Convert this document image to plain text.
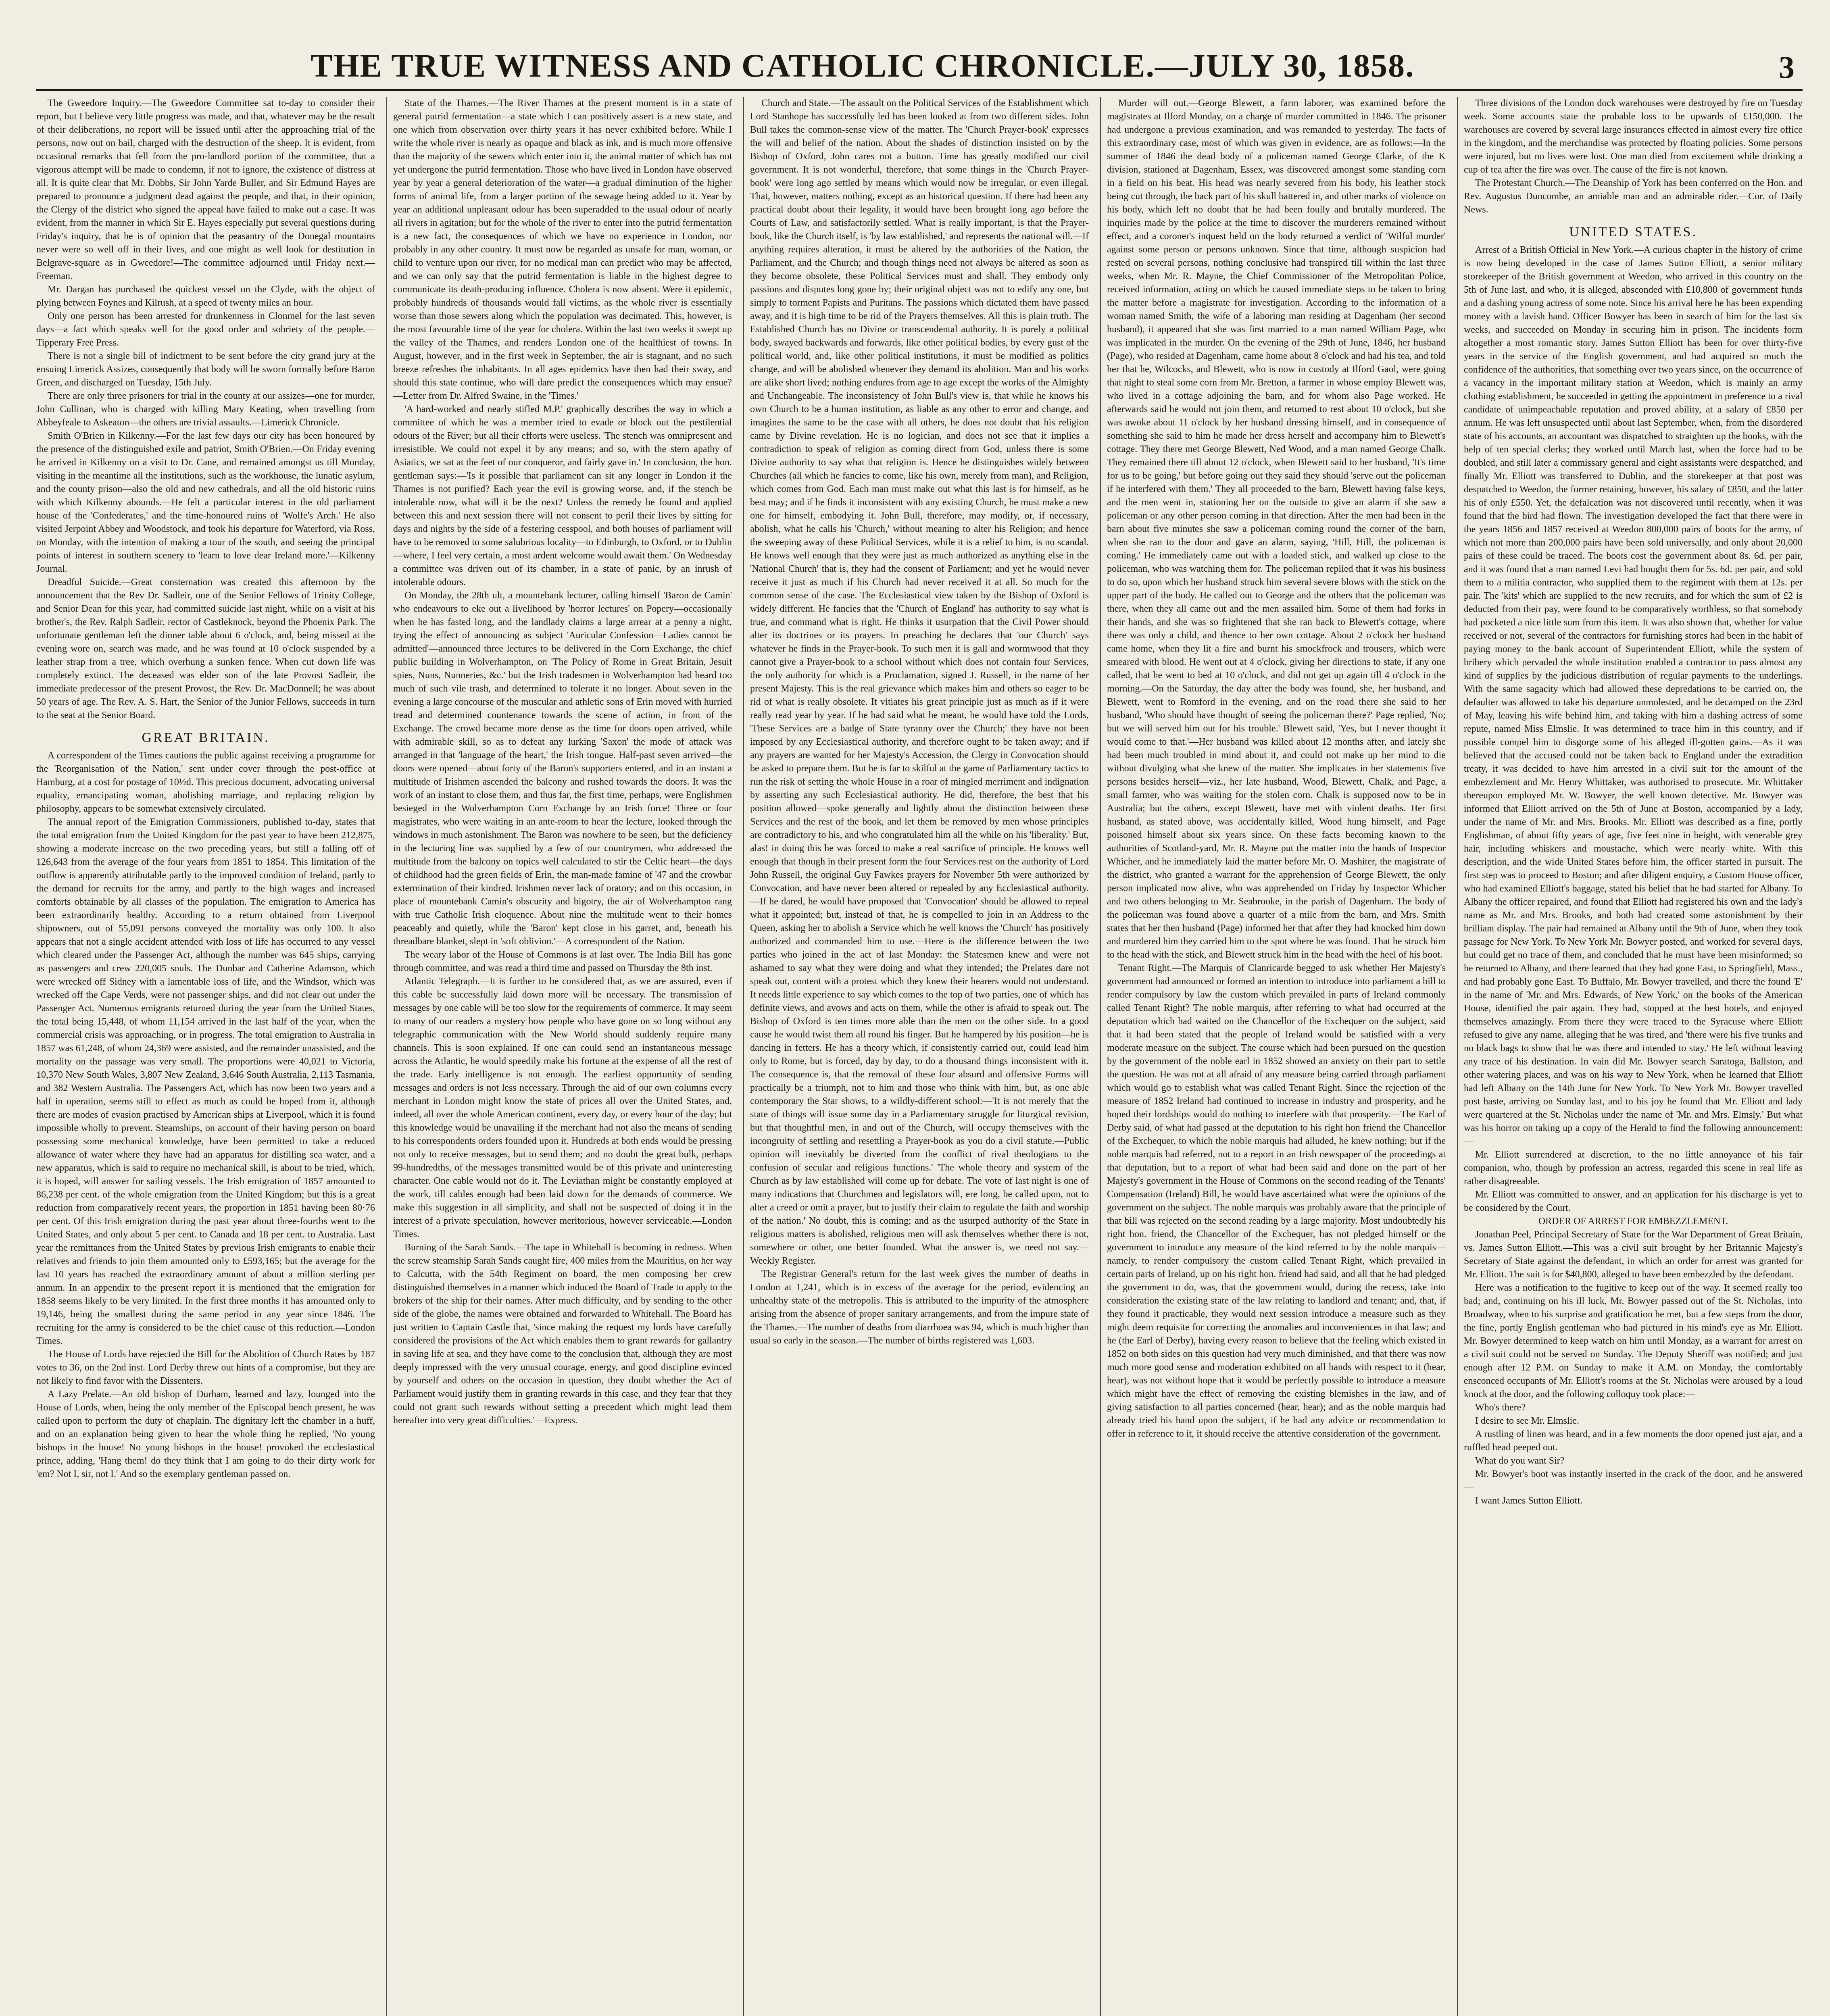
THE TRUE WITNESS AND CATHOLIC CHRONICLE.—JULY 30, 1858.	3

The Gweedore Inquiry.—The Gweedore Committee sat to-day to consider their report, but I believe very little progress was made, and that, whatever may be the result of their deliberations, no report will be issued until after the approaching trial of the persons, now out on bail, charged with the destruction of the sheep. It is evident, from occasional remarks that fell from the pro-landlord portion of the committee, that a vigorous attempt will be made to condemn, if not to ignore, the existence of distress at all. It is quite clear that Mr. Dobbs, Sir John Yarde Buller, and Sir Edmund Hayes are prepared to pronounce a judgment dead against the people, and that, in their opinion, the Clergy of the district who signed the appeal have failed to make out a case. It was evident, from the manner in which Sir E. Hayes especially put several questions during Friday's inquiry, that he is of opinion that the peasantry of the Donegal mountains never were so well off in their lives, and one might as well look for destitution in Belgrave-square as in Gweedore!—The committee adjourned until Friday next.—Freeman.

Mr. Dargan has purchased the quickest vessel on the Clyde, with the object of plying between Foynes and Kilrush, at a speed of twenty miles an hour.

Only one person has been arrested for drunkenness in Clonmel for the last seven days—a fact which speaks well for the good order and sobriety of the people.—Tipperary Free Press.

There is not a single bill of indictment to be sent before the city grand jury at the ensuing Limerick Assizes, consequently that body will be sworn formally before Baron Green, and discharged on Tuesday, 15th July.

There are only three prisoners for trial in the county at our assizes—one for murder, John Cullinan, who is charged with killing Mary Keating, when travelling from Abbeyfeale to Askeaton—the others are trivial assaults.—Limerick Chronicle.

Smith O'Brien in Kilkenny.—For the last few days our city has been honoured by the presence of the distinguished exile and patriot, Smith O'Brien.—On Friday evening he arrived in Kilkenny on a visit to Dr. Cane, and remained amongst us till Monday, visiting in the meantime all the institutions, such as the workhouse, the lunatic asylum, and the county prison—also the old and new cathedrals, and all the old historic ruins with which Kilkenny abounds.—He felt a particular interest in the old parliament house of the 'Confederates,' and the time-honoured ruins of 'Wolfe's Arch.' He also visited Jerpoint Abbey and Woodstock, and took his departure for Waterford, via Ross, on Monday, with the intention of making a tour of the south, and seeing the principal points of interest in southern scenery to 'learn to love dear Ireland more.'—Kilkenny Journal.

Dreadful Suicide.—Great consternation was created this afternoon by the announcement that the Rev Dr. Sadleir, one of the Senior Fellows of Trinity College, and Senior Dean for this year, had committed suicide last night, while on a visit at his brother's, the Rev. Ralph Sadleir, rector of Castleknock, beyond the Phoenix Park. The unfortunate gentleman left the dinner table about 6 o'clock, and, being missed at the evening wore on, search was made, and he was found at 10 o'clock suspended by a leather strap from a tree, which overhung a sunken fence. When cut down life was completely extinct. The deceased was elder son of the late Provost Sadleir, the immediate predecessor of the present Provost, the Rev. Dr. MacDonnell; he was about 50 years of age. The Rev. A. S. Hart, the Senior of the Junior Fellows, succeeds in turn to the seat at the Senior Board.

GREAT BRITAIN.

A correspondent of the Times cautions the public against receiving a programme for the 'Reorganisation of the Nation,' sent under cover through the post-office at Hamburg, at a cost for postage of 10½d. This precious document, advocating universal equality, emancipating woman, abolishing marriage, and replacing religion by philosophy, appears to be somewhat extensively circulated.

The annual report of the Emigration Commissioners, published to-day, states that the total emigration from the United Kingdom for the past year to have been 212,875, showing a moderate increase on the two preceding years, but still a falling off of 126,643 from the average of the four years from 1851 to 1854. This limitation of the outflow is apparently attributable partly to the improved condition of Ireland, partly to the demand for recruits for the army, and partly to the high wages and increased comforts obtainable by all classes of the population. The emigration to America has been extraordinarily healthy. According to a return obtained from Liverpool shipowners, out of 55,091 persons conveyed the mortality was only 100. It also appears that not a single accident attended with loss of life has occurred to any vessel which cleared under the Passenger Act, although the number was 645 ships, carrying as passengers and crew 220,005 souls. The Dunbar and Catherine Adamson, which were wrecked off Sidney with a lamentable loss of life, and the Windsor, which was wrecked off the Cape Verds, were not passenger ships, and did not clear out under the Passenger Act. Numerous emigrants returned during the year from the United States, the total being 15,448, of whom 11,154 arrived in the last half of the year, when the commercial crisis was approaching, or in progress. The total emigration to Australia in 1857 was 61,248, of whom 24,369 were assisted, and the remainder unassisted, and the mortality on the passage was very small. The proportions were 40,021 to Victoria, 10,370 New South Wales, 3,807 New Zealand, 3,646 South Australia, 2,113 Tasmania, and 382 Western Australia. The Passengers Act, which has now been two years and a half in operation, seems still to effect as much as could be hoped from it, although there are modes of evasion practised by American ships at Liverpool, which it is found impossible wholly to prevent. Steamships, on account of their having person on board possessing some mechanical knowledge, have been permitted to take a reduced allowance of water where they have had an apparatus for distilling sea water, and a new apparatus, which is said to require no mechanical skill, is about to be tried, which, it is hoped, will answer for sailing vessels. The Irish emigration of 1857 amounted to 86,238 per cent. of the whole emigration from the United Kingdom; but this is a great reduction from comparatively recent years, the proportion in 1851 having been 80·76 per cent. Of this Irish emigration during the past year about three-fourths went to the United States, and only about 5 per cent. to Canada and 18 per cent. to Australia. Last year the remittances from the United States by previous Irish emigrants to enable their relatives and friends to join them amounted only to £593,165; but the average for the last 10 years has reached the extraordinary amount of about a million sterling per annum. In an appendix to the present report it is mentioned that the emigration for 1858 seems likely to be very limited. In the first three months it has amounted only to 19,146, being the smallest during the same period in any year since 1846. The recruiting for the army is considered to be the chief cause of this reduction.—London Times.

The House of Lords have rejected the Bill for the Abolition of Church Rates by 187 votes to 36, on the 2nd inst. Lord Derby threw out hints of a compromise, but they are not likely to find favor with the Dissenters.

A Lazy Prelate.—An old bishop of Durham, learned and lazy, lounged into the House of Lords, when, being the only member of the Episcopal bench present, he was called upon to perform the duty of chaplain. The dignitary left the chamber in a huff, and on an explanation being given to hear the whole thing he replied, 'No young bishops in the house! No young bishops in the house! provoked the ecclesiastical prince, adding, 'Hang them! do they think that I am going to do their dirty work for 'em? Not I, sir, not I.' And so the exemplary gentleman passed on.

State of the Thames.—The River Thames at the present moment is in a state of general putrid fermentation—a state which I can positively assert is a new state, and one which from observation over thirty years it has never exhibited before. While I write the whole river is nearly as opaque and black as ink, and is much more offensive than the majority of the sewers which enter into it, the animal matter of which has not yet undergone the putrid fermentation. Those who have lived in London have observed year by year a general deterioration of the water—a gradual diminution of the higher forms of animal life, from a larger portion of the sewage being added to it. Year by year an additional unpleasant odour has been superadded to the usual odour of nearly all rivers in agitation; but for the whole of the river to enter into the putrid fermentation is a new fact, the consequences of which we have no experience in London, nor probably in any other country. It must now be regarded as unsafe for man, woman, or child to venture upon our river, for no medical man can predict who may be affected, and we can only say that the putrid fermentation is liable in the highest degree to communicate its death-producing influence. Cholera is now absent. Were it epidemic, probably hundreds of thousands would fall victims, as the whole river is essentially worse than those sewers along which the population was decimated. This, however, is the most favourable time of the year for cholera. Within the last two weeks it swept up the valley of the Thames, and renders London one of the healthiest of towns. In August, however, and in the first week in September, the air is stagnant, and no such breeze refreshes the inhabitants. In all ages epidemics have then had their sway, and should this state continue, who will dare predict the consequences which may ensue?—Letter from Dr. Alfred Swaine, in the 'Times.'

'A hard-worked and nearly stifled M.P.' graphically describes the way in which a committee of which he was a member tried to evade or block out the pestilential odours of the River; but all their efforts were useless. 'The stench was omnipresent and irresistible. We could not expel it by any means; and so, with the stern apathy of Asiatics, we sat at the feet of our conqueror, and fairly gave in.' In conclusion, the hon. gentleman says:—'Is it possible that parliament can sit any longer in London if the Thames is not purified? Each year the evil is growing worse, and, if the stench be intolerable now, what will it be the next? Unless the remedy be found and applied between this and next session there will not consent to peril their lives by sitting for days and nights by the side of a festering cesspool, and both houses of parliament will have to be removed to some salubrious locality—to Edinburgh, to Oxford, or to Dublin—where, I feel very certain, a most ardent welcome would await them.' On Wednesday a committee was driven out of its chamber, in a state of panic, by an inrush of intolerable odours.

On Monday, the 28th ult, a mountebank lecturer, calling himself 'Baron de Camin' who endeavours to eke out a livelihood by 'horror lectures' on Popery—occasionally when he has fasted long, and the landlady claims a large arrear at a penny a night, trying the effect of announcing as subject 'Auricular Confession—Ladies cannot be admitted'—announced three lectures to be delivered in the Corn Exchange, the chief public building in Wolverhampton, on 'The Policy of Rome in Great Britain, Jesuit spies, Nuns, Nunneries, &c.' but the Irish tradesmen in Wolverhampton had heard too much of such vile trash, and determined to tolerate it no longer. About seven in the evening a large concourse of the muscular and athletic sons of Erin moved with hurried tread and determined countenance towards the scene of action, in front of the Exchange. The crowd became more dense as the time for doors open arrived, while with admirable skill, so as to defeat any lurking 'Saxon' the mode of attack was arranged in that 'language of the heart,' the Irish tongue. Half-past seven arrived—the doors were opened—about forty of the Baron's supporters entered, and in an instant a multitude of Irishmen ascended the balcony and rushed towards the doors. It was the work of an instant to close them, and thus far, the first time, perhaps, were Englishmen besieged in the Wolverhampton Corn Exchange by an Irish force! Three or four magistrates, who were waiting in an ante-room to hear the lecture, looked through the windows in much astonishment. The Baron was nowhere to be seen, but the deficiency in the lecturing line was supplied by a few of our countrymen, who addressed the multitude from the balcony on topics well calculated to stir the Celtic heart—the days of childhood had the green fields of Erin, the man-made famine of '47 and the crowbar extermination of their kindred. Irishmen never lack of oratory; and on this occasion, in place of mountebank Camin's obscurity and bigotry, the air of Wolverhampton rang with true Catholic Irish eloquence. About nine the multitude went to their homes peaceably and quietly, while the 'Baron' kept close in his garret, and, beneath his threadbare blanket, slept in 'soft oblivion.'—A correspondent of the Nation.

The weary labor of the House of Commons is at last over. The India Bill has gone through committee, and was read a third time and passed on Thursday the 8th inst.

Atlantic Telegraph.—It is further to be considered that, as we are assured, even if this cable be successfully laid down more will be necessary. The transmission of messages by one cable will be too slow for the requirements of commerce. It may seem to many of our readers a mystery how people who have gone on so long without any telegraphic communication with the New World should suddenly require many channels. This is soon explained. If one can could send an instantaneous message across the Atlantic, he would speedily make his fortune at the expense of all the rest of the trade. Early intelligence is not enough. The earliest opportunity of sending messages and orders is not less necessary. Through the aid of our own columns every merchant in London might know the state of prices all over the United States, and, indeed, all over the whole American continent, every day, or every hour of the day; but this knowledge would be unavailing if the merchant had not also the means of sending to his correspondents orders founded upon it. Hundreds at both ends would be pressing not only to receive messages, but to send them; and no doubt the great bulk, perhaps 99-hundredths, of the messages transmitted would be of this private and uninteresting character. One cable would not do it. The Leviathan might be constantly employed at the work, till cables enough had been laid down for the demands of commerce. We make this suggestion in all simplicity, and shall not be suspected of doing it in the interest of a private speculation, however meritorious, however serviceable.—London Times.

Burning of the Sarah Sands.—The tape in Whitehall is becoming in redness. When the screw steamship Sarah Sands caught fire, 400 miles from the Mauritius, on her way to Calcutta, with the 54th Regiment on board, the men composing her crew distinguished themselves in a manner which induced the Board of Trade to apply to the brokers of the ship for their names. After much difficulty, and by sending to the other side of the globe, the names were obtained and forwarded to Whitehall. The Board has just written to Captain Castle that, 'since making the request my lords have carefully considered the provisions of the Act which enables them to grant rewards for gallantry in saving life at sea, and they have come to the conclusion that, although they are most deeply impressed with the very unusual courage, energy, and good discipline evinced by yourself and others on the occasion in question, they doubt whether the Act of Parliament would justify them in granting rewards in this case, and they fear that they could not grant such rewards without setting a precedent which might lead them hereafter into very great difficulties.'—Express.

Church and State.—The assault on the Political Services of the Establishment which Lord Stanhope has successfully led has been looked at from two different sides. John Bull takes the common-sense view of the matter. The 'Church Prayer-book' expresses the will and belief of the nation. About the shades of distinction insisted on by the Bishop of Oxford, John cares not a button. Time has greatly modified our civil government. It is not wonderful, therefore, that some things in the 'Church Prayer-book' were long ago settled by means which would now be irregular, or even illegal. That, however, matters nothing, except as an historical question. If there had been any practical doubt about their legality, it would have been brought long ago before the Courts of Law, and satisfactorily settled. What is really important, is that the Prayer-book, like the Church itself, is 'by law established,' and represents the national will.—If anything requires alteration, it must be altered by the authorities of the Nation, the Parliament, and the Church; and though things need not always be altered as soon as they become obsolete, these Political Services must and shall. They embody only passions and disputes long gone by; their original object was not to edify any one, but simply to torment Papists and Puritans. The passions which dictated them have passed away, and it is high time to be rid of the Prayers themselves. All this is plain truth. The Established Church has no Divine or transcendental authority. It is purely a political body, swayed backwards and forwards, like other political bodies, by every gust of the political world, and, like other political institutions, it must be modified as politics change, and will be abolished whenever they demand its abolition. Man and his works are alike short lived; nothing endures from age to age except the works of the Almighty and Unchangeable. The inconsistency of John Bull's view is, that while he knows his own Church to be a human institution, as liable as any other to error and change, and imagines the same to be the case with all others, he does not doubt that his religion came by Divine revelation. He is no logician, and does not see that it implies a contradiction to speak of religion as coming direct from God, unless there is some Divine authority to say what that religion is. Hence he distinguishes widely between Churches (all which he fancies to come, like his own, merely from man), and Religion, which comes from God. Each man must make out what this last is for himself, as he best may; and if he finds it inconsistent with any existing Church, he must make a new one for himself, embodying it. John Bull, therefore, may modify, or, if necessary, abolish, what he calls his 'Church,' without meaning to alter his Religion; and hence the sweeping away of these Political Services, while it is a relief to him, is no scandal. He knows well enough that they were just as much authorized as anything else in the 'National Church' that is, they had the consent of Parliament; and yet he would never receive it just as much if his Church had never received it at all. So much for the common sense of the case. The Ecclesiastical view taken by the Bishop of Oxford is widely different. He fancies that the 'Church of England' has authority to say what is true, and command what is right. He thinks it usurpation that the Civil Power should alter its doctrines or its prayers. In preaching he declares that 'our Church' says whatever he finds in the Prayer-book. To such men it is gall and wormwood that they cannot give a Prayer-book to a school without which does not contain four Services, the only authority for which is a Proclamation, signed J. Russell, in the name of her present Majesty. This is the real grievance which makes him and others so eager to be rid of what is really obsolete. It vitiates his great principle just as much as if it were really read year by year. If he had said what he meant, he would have told the Lords, 'These Services are a badge of State tyranny over the Church;' they have not been imposed by any Ecclesiastical authority, and therefore ought to be taken away; and if any prayers are wanted for her Majesty's Accession, the Clergy in Convocation should be asked to prepare them. But he is far to skilful at the game of Parliamentary tactics to run the risk of setting the whole House in a roar of mingled merriment and indignation by asserting any such Ecclesiastical authority. He did, therefore, the best that his position allowed—spoke generally and lightly about the distinction between these Services and the rest of the book, and let them be removed by men whose principles are contradictory to his, and who congratulated him all the while on his 'liberality.' But, alas! in doing this he was forced to make a real sacrifice of principle. He knows well enough that though in their present form the four Services rest on the authority of Lord John Russell, the original Guy Fawkes prayers for November 5th were authorized by Convocation, and have never been altered or repealed by any Ecclesiastical authority.—If he dared, he would have proposed that 'Convocation' should be allowed to repeal what it appointed; but, instead of that, he is compelled to join in an Address to the Queen, asking her to abolish a Service which he well knows the 'Church' has positively authorized and commanded him to use.—Here is the difference between the two parties who joined in the act of last Monday: the Statesmen knew and were not ashamed to say what they were doing and what they intended; the Prelates dare not speak out, content with a protest which they knew their hearers would not understand. It needs little experience to say which comes to the top of two parties, one of which has definite views, and avows and acts on them, while the other is afraid to speak out. The Bishop of Oxford is ten times more able than the men on the other side. In a good cause he would twist them all round his finger. But he hampered by his position—he is dancing in fetters. He has a theory which, if consistently carried out, could lead him only to Rome, but is forced, day by day, to do a thousand things inconsistent with it. The consequence is, that the removal of these four absurd and offensive Forms will practically be a triumph, not to him and those who think with him, but, as one able contemporary the Star shows, to a wildly-different school:—'It is not merely that the state of things will issue some day in a Parliamentary struggle for liturgical revision, but that thoughtful men, in and out of the Church, will occupy themselves with the incongruity of settling and resettling a Prayer-book as you do a civil statute.—Public opinion will inevitably be diverted from the conflict of rival theologians to the confusion of secular and religious functions.' 'The whole theory and system of the Church as by law established will come up for debate. The vote of last night is one of many indications that Churchmen and legislators will, ere long, be called upon, not to alter a creed or omit a prayer, but to justify their claim to regulate the faith and worship of the nation.' No doubt, this is coming; and as the usurped authority of the State in religious matters is abolished, religious men will ask themselves whether there is not, somewhere or other, one better founded. What the answer is, we need not say.—Weekly Register.

The Registrar General's return for the last week gives the number of deaths in London at 1,241, which is in excess of the average for the period, evidencing an unhealthy state of the metropolis. This is attributed to the impurity of the atmosphere arising from the absence of proper sanitary arrangements, and from the impure state of the Thames.—The number of deaths from diarrhoea was 94, which is much higher than usual so early in the season.—The number of births registered was 1,603.

Murder will out.—George Blewett, a farm laborer, was examined before the magistrates at Ilford Monday, on a charge of murder committed in 1846. The prisoner had undergone a previous examination, and was remanded to yesterday. The facts of this extraordinary case, most of which was given in evidence, are as follows:—In the summer of 1846 the dead body of a policeman named George Clarke, of the K division, stationed at Dagenham, Essex, was discovered amongst some standing corn in a field on his beat. His head was nearly severed from his body, his leather stock being cut through, the back part of his skull battered in, and other marks of violence on his body, which left no doubt that he had been foully and brutally murdered. The inquiries made by the police at the time to discover the murderers remained without effect, and a coroner's inquest held on the body returned a verdict of 'Wilful murder' against some person or persons unknown. Since that time, although suspicion had rested on several persons, nothing conclusive had transpired till within the last three weeks, when Mr. R. Mayne, the Chief Commissioner of the Metropolitan Police, received information, acting on which he caused immediate steps to be taken to bring the matter before a magistrate for investigation. According to the information of a woman named Smith, the wife of a laboring man residing at Dagenham (her second husband), it appeared that she was first married to a man named William Page, who was implicated in the murder. On the evening of the 29th of June, 1846, her husband (Page), who resided at Dagenham, came home about 8 o'clock and had his tea, and told her that he, Wilcocks, and Blewett, who is now in custody at Ilford Gaol, were going that night to steal some corn from Mr. Bretton, a farmer in whose employ Blewett was, who lived in a cottage adjoining the barn, and for whom also Page worked. He afterwards said he would not join them, and returned to rest about 10 o'clock, but she was awoke about 11 o'clock by her husband dressing himself, and in consequence of something she said to him he made her dress herself and accompany him to Blewett's cottage. They there met George Blewett, Ned Wood, and a man named George Chalk. They remained there till about 12 o'clock, when Blewett said to her husband, 'It's time for us to be going,' but before going out they said they should 'serve out the policeman if he interfered with them.' They all proceeded to the barn, Blewett having false keys, and the men went in, stationing her on the outside to give an alarm if she saw a policeman or any other person coming in that direction. After the men had been in the barn about five minutes she saw a policeman coming round the corner of the barn, when she ran to the door and gave an alarm, saying, 'Hill, Hill, the policeman is coming.' He immediately came out with a loaded stick, and walked up close to the policeman, who was watching them for. The policeman replied that it was his business to do so, upon which her husband struck him several severe blows with the stick on the upper part of the body. He called out to George and the others that the policeman was there, when they all came out and the men assailed him. Some of them had forks in their hands, and she was so frightened that she ran back to Blewett's cottage, where there was only a child, and thence to her own cottage. About 2 o'clock her husband came home, when they lit a fire and burnt his smockfrock and trousers, which were smeared with blood. He went out at 4 o'clock, giving her directions to state, if any one called, that he went to bed at 10 o'clock, and did not get up again till 4 o'clock in the morning.—On the Saturday, the day after the body was found, she, her husband, and Blewett, went to Romford in the evening, and on the road there she said to her husband, 'Who should have thought of seeing the policeman there?' Page replied, 'No; but we will served him out for his trouble.' Blewett said, 'Yes, but I never thought it would come to that.'—Her husband was killed about 12 months after, and lately she had been much troubled in mind about it, and could not make up her mind to die without divulging what she knew of the matter. She implicates in her statements five persons besides herself—viz., her late husband, Wood, Blewett, Chalk, and Page, a small farmer, who was waiting for the stolen corn. Chalk is supposed now to be in Australia; but the others, except Blewett, have met with violent deaths. Her first husband, as stated above, was accidentally killed, Wood hung himself, and Page poisoned himself about six years since. On these facts becoming known to the authorities of Scotland-yard, Mr. R. Mayne put the matter into the hands of Inspector Whicher, and he immediately laid the matter before Mr. O. Mashiter, the magistrate of the district, who granted a warrant for the apprehension of George Blewett, the only person implicated now alive, who was apprehended on Friday by Inspector Whicher and two others belonging to Mr. Seabrooke, in the parish of Dagenham. The body of the policeman was found above a quarter of a mile from the barn, and Mrs. Smith states that her then husband (Page) informed her that after they had knocked him down and murdered him they carried him to the spot where he was found. That he struck him to the head with the stick, and Blewett struck him in the head with the heel of his boot.

Tenant Right.—The Marquis of Clanricarde begged to ask whether Her Majesty's government had announced or formed an intention to introduce into parliament a bill to render compulsory by law the custom which prevailed in parts of Ireland commonly called Tenant Right? The noble marquis, after referring to what had occurred at the deputation which had waited on the Chancellor of the Exchequer on the subject, said that it had been stated that the people of Ireland would be satisfied with a very moderate measure on the subject. The course which had been pursued on the question by the government of the noble earl in 1852 showed an anxiety on their part to settle the question. He was not at all afraid of any measure being carried through parliament which would go to establish what was called Tenant Right. Since the rejection of the measure of 1852 Ireland had continued to increase in industry and prosperity, and he hoped their lordships would do nothing to interfere with that prosperity.—The Earl of Derby said, of what had passed at the deputation to his right hon friend the Chancellor of the Exchequer, to which the noble marquis had alluded, he knew nothing; but if the noble marquis had referred, not to a report in an Irish newspaper of the proceedings at that deputation, but to a report of what had been said and done on the part of her Majesty's government in the House of Commons on the second reading of the Tenants' Compensation (Ireland) Bill, he would have ascertained what were the opinions of the government on the subject. The noble marquis was probably aware that the principle of that bill was rejected on the second reading by a large majority. Most undoubtedly his right hon. friend, the Chancellor of the Exchequer, has not pledged himself or the government to introduce any measure of the kind referred to by the noble marquis—namely, to render compulsory the custom called Tenant Right, which prevailed in certain parts of Ireland, up on his right hon. friend had said, and all that he had pledged the government to do, was, that the government would, during the recess, take into consideration the existing state of the law relating to landlord and tenant; and, that, if they found it practicable, they would next session introduce a measure such as they might deem requisite for correcting the anomalies and inconveniences in that law; and he (the Earl of Derby), having every reason to believe that the feeling which existed in 1852 on both sides on this question had very much diminished, and that there was now much more good sense and moderation exhibited on all hands with respect to it (hear, hear), was not without hope that it would be perfectly possible to introduce a measure which might have the effect of removing the existing blemishes in the law, and of giving satisfaction to all parties concerned (hear, hear); and as the noble marquis had already tried his hand upon the subject, if he had any advice or recommendation to offer in reference to it, it should receive the attentive consideration of the government.

Three divisions of the London dock warehouses were destroyed by fire on Tuesday week. Some accounts state the probable loss to be upwards of £150,000. The warehouses are covered by several large insurances effected in almost every fire office in the kingdom, and the merchandise was protected by floating policies. Some persons were injured, but no lives were lost. One man died from excitement while drinking a cup of tea after the fire was over. The cause of the fire is not known.

The Protestant Church.—The Deanship of York has been conferred on the Hon. and Rev. Augustus Duncombe, an amiable man and an admirable rider.—Cor. of Daily News.

UNITED STATES.

Arrest of a British Official in New York.—A curious chapter in the history of crime is now being developed in the case of James Sutton Elliott, a senior military storekeeper of the British government at Weedon, who arrived in this country on the 5th of June last, and who, it is alleged, absconded with £10,800 of government funds and a dashing young actress of some note. Since his arrival here he has been expending money with a lavish hand. Officer Bowyer has been in search of him for the last six weeks, and succeeded on Monday in securing him in prison. The incidents form altogether a most romantic story. James Sutton Elliott has been for over thirty-five years in the service of the English government, and had acquired so much the confidence of the authorities, that something over two years since, on the occurrence of a vacancy in the important military station at Weedon, which is mainly an army clothing establishment, he succeeded in getting the appointment in preference to a rival candidate of unimpeachable reputation and proved ability, at a salary of £850 per annum. He was left unsuspected until about last September, when, from the disordered state of his accounts, an accountant was dispatched to straighten up the books, with the help of ten special clerks; they worked until March last, when the force had to be doubled, and still later a commissary general and eight assistants were despatched, and finally Mr. Elliott was transferred to Dublin, and the storekeeper at that post was despatched to Weedon, the former retaining, however, his salary of £850, and the latter his of only £550. Yet, the defalcation was not discovered until recently, when it was found that the bird had flown. The investigation developed the fact that there were in the years 1856 and 1857 received at Weedon 800,000 pairs of boots for the army, of which not more than 200,000 pairs have been sold universally, and only about 20,000 pairs of these could be traced. The boots cost the government about 8s. 6d. per pair, and it was found that a man named Levi had bought them for 5s. 6d. per pair, and sold them to a militia contractor, who supplied them to the regiment with them at 12s. per pair. The 'kits' which are supplied to the new recruits, and for which the sum of £2 is deducted from their pay, were found to be comparatively worthless, so that somebody had pocketed a nice little sum from this item. It was also shown that, whether for value received or not, several of the contractors for furnishing stores had been in the habit of paying money to the bank account of Superintendent Elliott, while the system of bribery which pervaded the whole institution enabled a contractor to pass almost any kind of supplies by the judicious distribution of regular payments to the underlings. With the same sagacity which had allowed these depredations to be carried on, the defaulter was allowed to take his departure unmolested, and he decamped on the 23rd of May, leaving his wife behind him, and taking with him a dashing actress of some repute, named Miss Elmslie. It was determined to trace him in this country, and if possible compel him to disgorge some of his alleged ill-gotten gains.—As it was believed that the accused could not be taken back to England under the extradition treaty, it was decided to have him arrested in a civil suit for the amount of the embezzlement and Mr. Henry Whittaker, was authorised to prosecute. Mr. Whittaker thereupon employed Mr. W. Bowyer, the well known detective. Mr. Bowyer was informed that Elliott arrived on the 5th of June at Boston, accompanied by a lady, under the name of Mr. and Mrs. Brooks. Mr. Elliott was described as a fine, portly Englishman, of about fifty years of age, five feet nine in height, with venerable grey hair, including whiskers and moustache, which were nearly white. With this description, and the wide United States before him, the officer started in pursuit. The first step was to proceed to Boston; and after diligent enquiry, a Custom House officer, who had examined Elliott's baggage, stated his belief that he had started for Albany. To Albany the officer repaired, and found that Elliott had registered his own and the lady's name as Mr. and Mrs. Brooks, and both had created some astonishment by their brilliant display. The pair had remained at Albany until the 9th of June, when they took passage for New York. To New York Mr. Bowyer posted, and worked for several days, but could get no trace of them, and concluded that he must have been misinformed; so he returned to Albany, and there learned that they had gone East, to Springfield, Mass., and had probably gone East. To Buffalo, Mr. Bowyer travelled, and there the found 'E' in the name of 'Mr. and Mrs. Edwards, of New York,' on the books of the American House, identified the pair again. They had, stopped at the best hotels, and enjoyed themselves amazingly. From there they were traced to the Syracuse where Elliott refused to give any name, alleging that he was tired, and 'there were his five trunks and no black bags to show that he was there and intended to stay.' He left without leaving any trace of his destination. In vain did Mr. Bowyer search Saratoga, Ballston, and other watering places, and was on his way to New York, when he learned that Elliott had left Albany on the 14th June for New York. To New York Mr. Bowyer travelled post haste, arriving on Sunday last, and to his joy he found that Mr. Elliott and lady were quartered at the St. Nicholas under the name of 'Mr. and Mrs. Elmsly.' But what was his horror on taking up a copy of the Herald to find the following announcement:—

Mr. Elliott surrendered at discretion, to the no little annoyance of his fair companion, who, though by profession an actress, regarded this scene in real life as rather disagreeable.

Mr. Elliott was committed to answer, and an application for his discharge is yet to be considered by the Court.

ORDER OF ARREST FOR EMBEZZLEMENT.

Jonathan Peel, Principal Secretary of State for the War Department of Great Britain, vs. James Sutton Elliott.—This was a civil suit brought by her Britannic Majesty's Secretary of State against the defendant, in which an order for arrest was granted for Mr. Elliott. The suit is for $40,800, alleged to have been embezzled by the defendant.

Here was a notification to the fugitive to keep out of the way. It seemed really too bad; and, continuing on his ill luck, Mr. Bowyer passed out of the St. Nicholas, into Broadway, when to his surprise and gratification he met, but a few steps from the door, the fine, portly English gentleman who had pictured in his mind's eye as Mr. Elliott. Mr. Bowyer determined to keep watch on him until Monday, as a warrant for arrest on a civil suit could not be served on Sunday. The Deputy Sheriff was notified; and just enough after 12 P.M. on Sunday to make it A.M. on Monday, the comfortably ensconced occupants of Mr. Elliott's rooms at the St. Nicholas were aroused by a loud knock at the door, and the following colloquy took place:—

Who's there?

I desire to see Mr. Elmslie.

A rustling of linen was heard, and in a few moments the door opened just ajar, and a ruffled head peeped out.

What do you want Sir?

Mr. Bowyer's boot was instantly inserted in the crack of the door, and he answered—

I want James Sutton Elliott.
